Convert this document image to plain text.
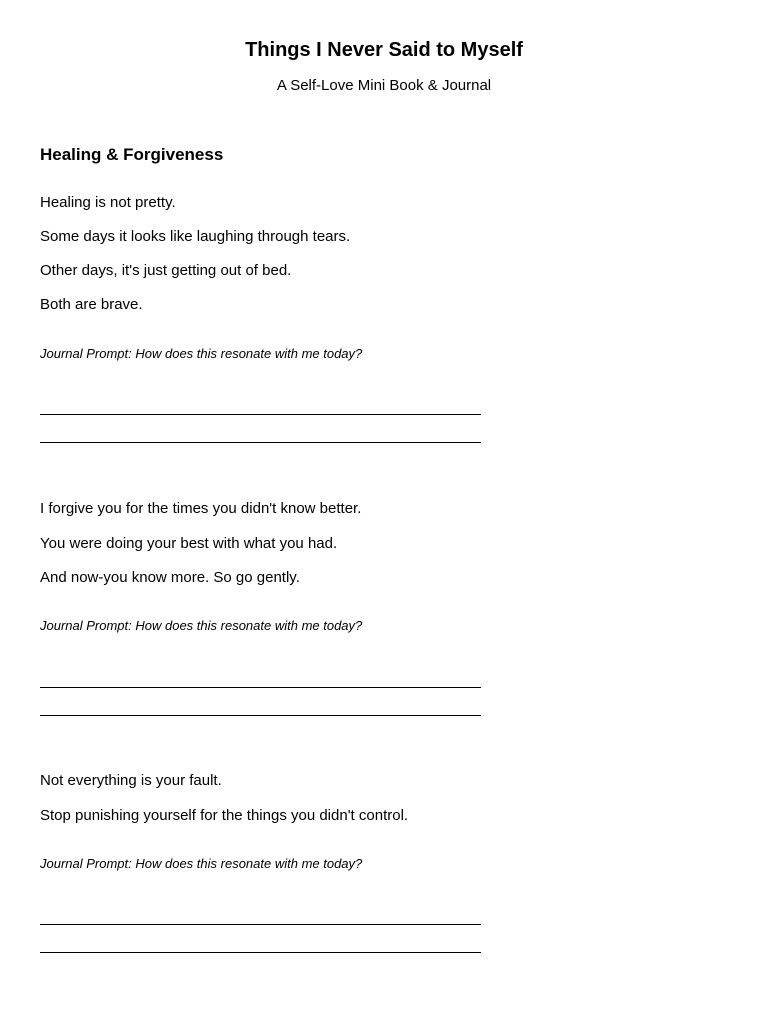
Things I Never Said to Myself
A Self-Love Mini Book & Journal
Healing & Forgiveness
Healing is not pretty.
Some days it looks like laughing through tears.
Other days, it's just getting out of bed.
Both are brave.
Journal Prompt: How does this resonate with me today?
I forgive you for the times you didn't know better.
You were doing your best with what you had.
And now-you know more. So go gently.
Journal Prompt: How does this resonate with me today?
Not everything is your fault.
Stop punishing yourself for the things you didn't control.
Journal Prompt: How does this resonate with me today?
